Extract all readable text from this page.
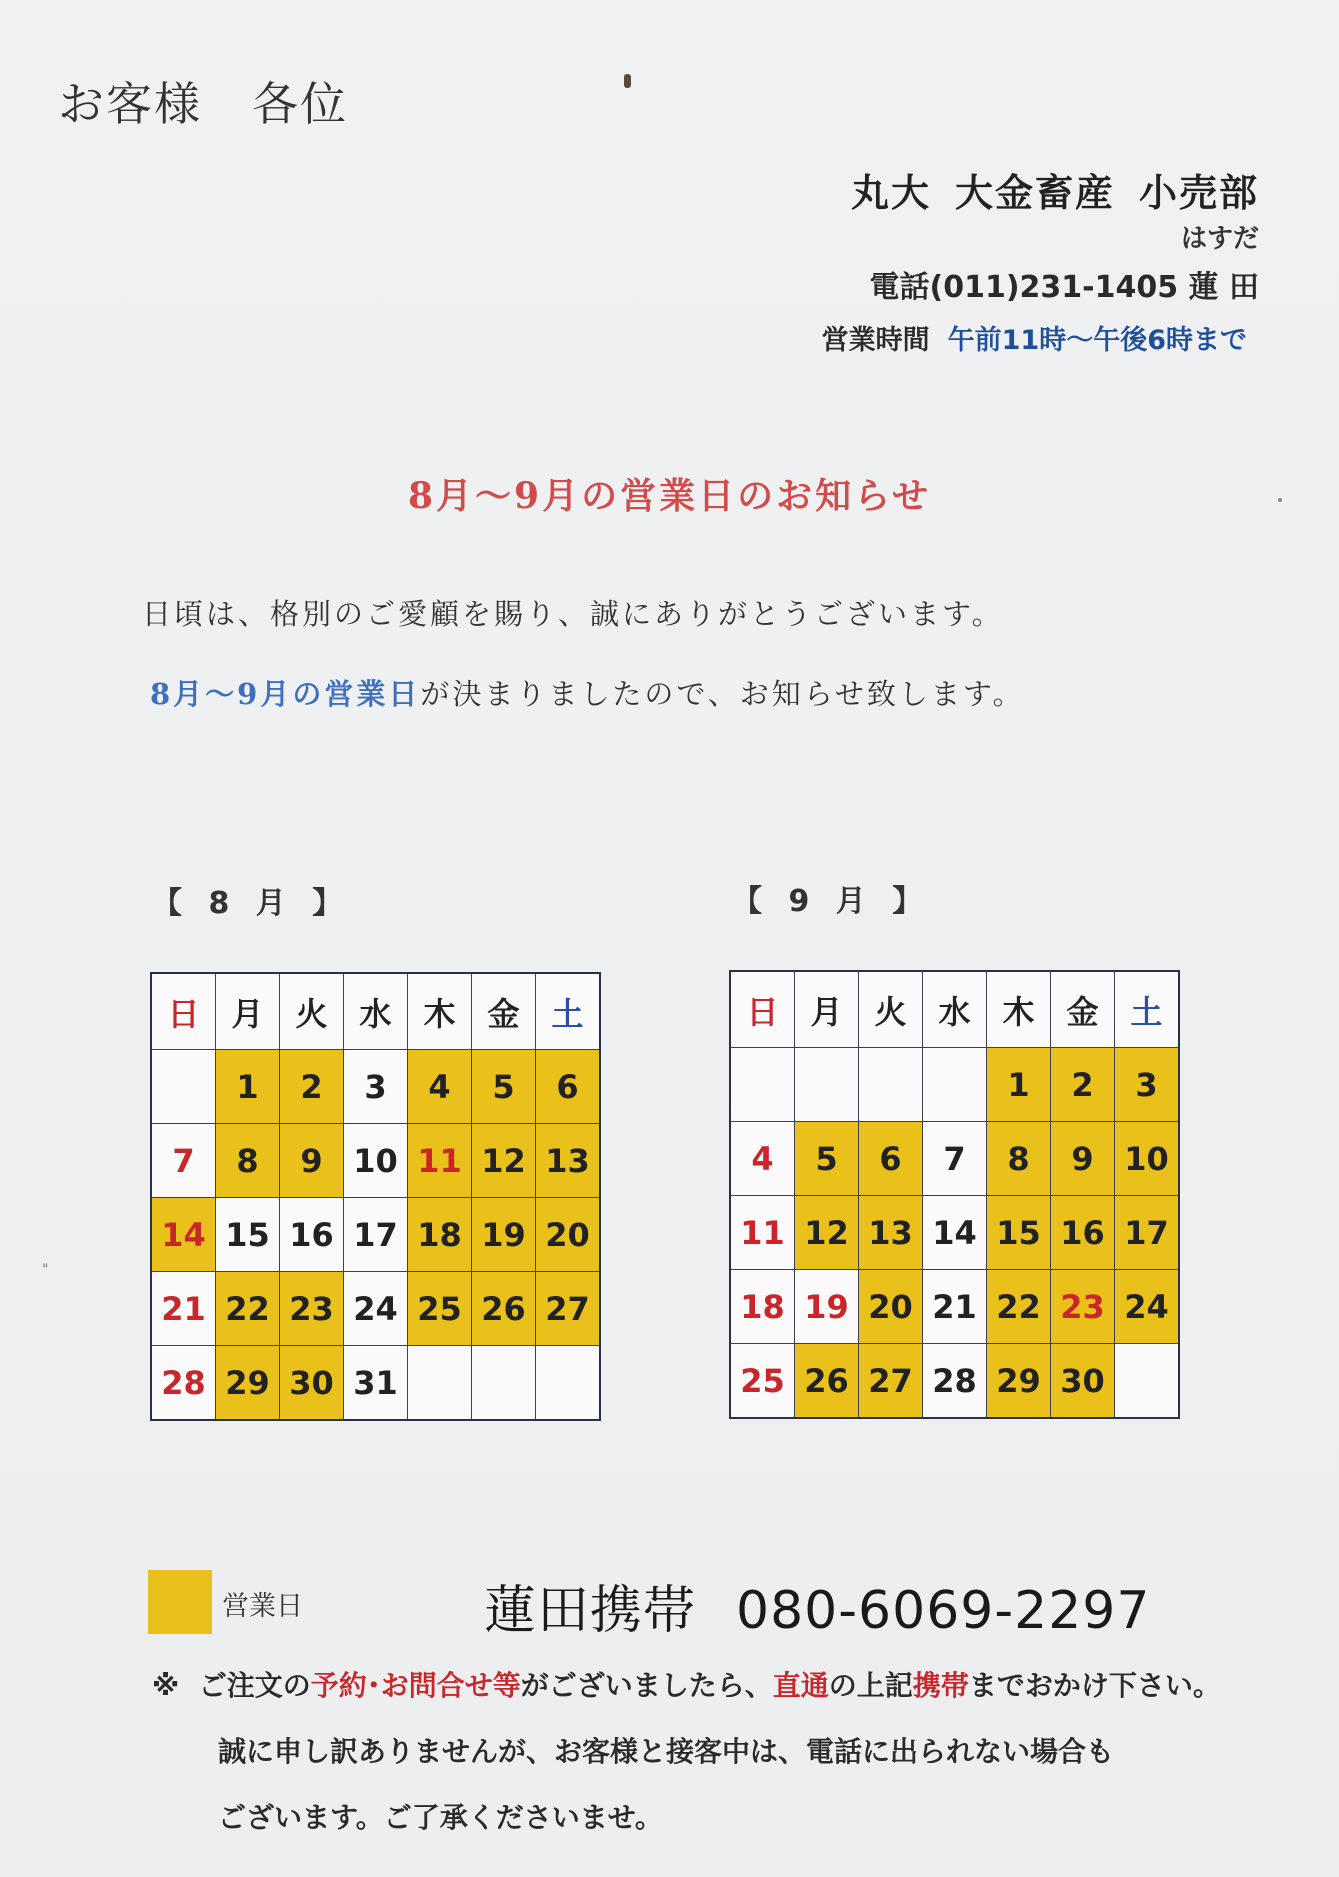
"
お客様 各位
丸大 大金畜産 小売部
はすだ
電話(011)231-1405 蓮 田
営業時間 午前11時～午後6時まで
8月～9月の営業日のお知らせ
日頃は、格別のご愛顧を賜り、誠にありがとうございます。
8月～9月の営業日が決まりましたので、お知らせ致します。
【 8 月 】	【 9 月 】
日	月	火	水	木	金	土
	1	2	3	4	5	6
7	8	9	10	11	12	13
14	15	16	17	18	19	20
21	22	23	24	25	26	27
28	29	30	31			
日	月	火	水	木	金	土
				1	2	3
4	5	6	7	8	9	10
11	12	13	14	15	16	17
18	19	20	21	22	23	24
25	26	27	28	29	30	
営業日	蓮田携帯 080-6069-2297
※ ご注文の予約･お問合せ等がございましたら、直通の上記携帯までおかけ下さい。
誠に申し訳ありませんが、お客様と接客中は、電話に出られない場合も
ございます。ご了承くださいませ。
